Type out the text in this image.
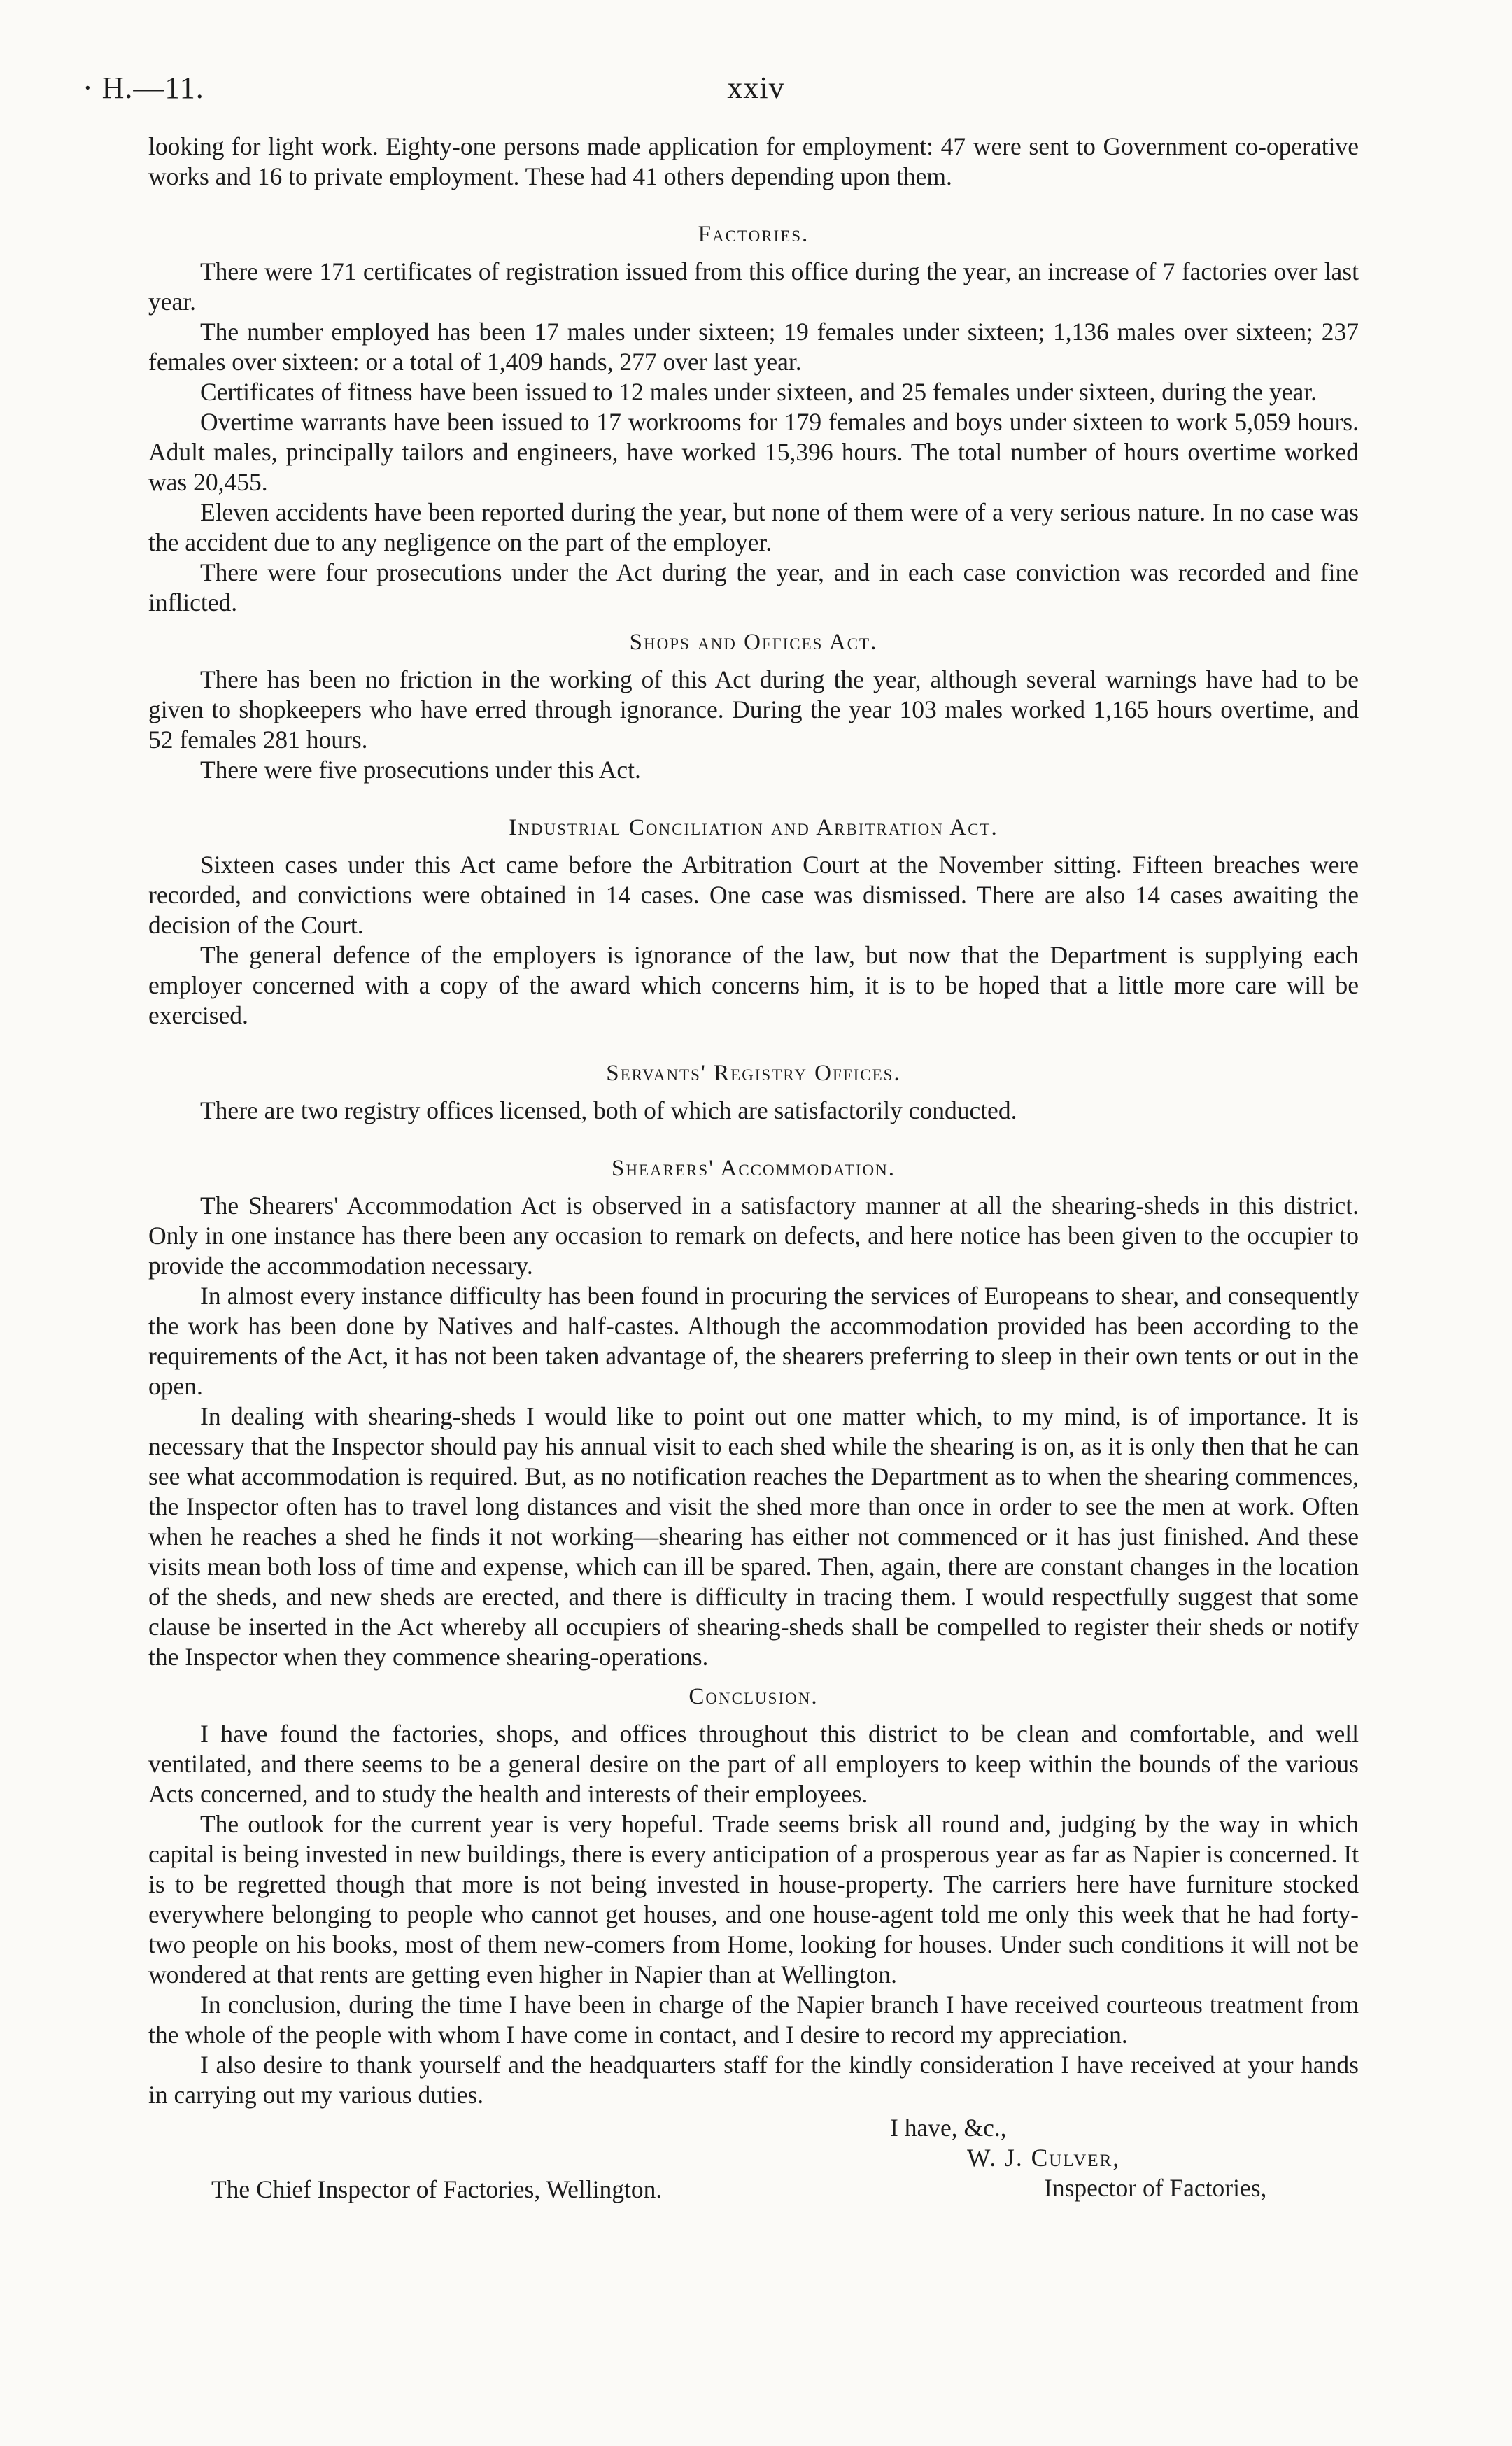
· H.—11.	xxiv

looking for light work. Eighty-one persons made application for employment: 47 were sent to Government co-operative works and 16 to private employment. These had 41 others depending upon them.

Factories.

There were 171 certificates of registration issued from this office during the year, an increase of 7 factories over last year.

The number employed has been 17 males under sixteen; 19 females under sixteen; 1,136 males over sixteen; 237 females over sixteen: or a total of 1,409 hands, 277 over last year.

Certificates of fitness have been issued to 12 males under sixteen, and 25 females under sixteen, during the year.

Overtime warrants have been issued to 17 workrooms for 179 females and boys under sixteen to work 5,059 hours. Adult males, principally tailors and engineers, have worked 15,396 hours. The total number of hours overtime worked was 20,455.

Eleven accidents have been reported during the year, but none of them were of a very serious nature. In no case was the accident due to any negligence on the part of the employer.

There were four prosecutions under the Act during the year, and in each case conviction was recorded and fine inflicted.

Shops and Offices Act.

There has been no friction in the working of this Act during the year, although several warnings have had to be given to shopkeepers who have erred through ignorance. During the year 103 males worked 1,165 hours overtime, and 52 females 281 hours.

There were five prosecutions under this Act.

Industrial Conciliation and Arbitration Act.

Sixteen cases under this Act came before the Arbitration Court at the November sitting. Fifteen breaches were recorded, and convictions were obtained in 14 cases. One case was dismissed. There are also 14 cases awaiting the decision of the Court.

The general defence of the employers is ignorance of the law, but now that the Department is supplying each employer concerned with a copy of the award which concerns him, it is to be hoped that a little more care will be exercised.

Servants' Registry Offices.

There are two registry offices licensed, both of which are satisfactorily conducted.

Shearers' Accommodation.

The Shearers' Accommodation Act is observed in a satisfactory manner at all the shearing-sheds in this district. Only in one instance has there been any occasion to remark on defects, and here notice has been given to the occupier to provide the accommodation necessary.

In almost every instance difficulty has been found in procuring the services of Europeans to shear, and consequently the work has been done by Natives and half-castes. Although the accommodation provided has been according to the requirements of the Act, it has not been taken advantage of, the shearers preferring to sleep in their own tents or out in the open.

In dealing with shearing-sheds I would like to point out one matter which, to my mind, is of importance. It is necessary that the Inspector should pay his annual visit to each shed while the shearing is on, as it is only then that he can see what accommodation is required. But, as no notification reaches the Department as to when the shearing commences, the Inspector often has to travel long distances and visit the shed more than once in order to see the men at work. Often when he reaches a shed he finds it not working—shearing has either not commenced or it has just finished. And these visits mean both loss of time and expense, which can ill be spared. Then, again, there are constant changes in the location of the sheds, and new sheds are erected, and there is difficulty in tracing them. I would respectfully suggest that some clause be inserted in the Act whereby all occupiers of shearing-sheds shall be compelled to register their sheds or notify the Inspector when they commence shearing-operations.

Conclusion.

I have found the factories, shops, and offices throughout this district to be clean and comfortable, and well ventilated, and there seems to be a general desire on the part of all employers to keep within the bounds of the various Acts concerned, and to study the health and interests of their employees.

The outlook for the current year is very hopeful. Trade seems brisk all round and, judging by the way in which capital is being invested in new buildings, there is every anticipation of a prosperous year as far as Napier is concerned. It is to be regretted though that more is not being invested in house-property. The carriers here have furniture stocked everywhere belonging to people who cannot get houses, and one house-agent told me only this week that he had forty-two people on his books, most of them new-comers from Home, looking for houses. Under such conditions it will not be wondered at that rents are getting even higher in Napier than at Wellington.

In conclusion, during the time I have been in charge of the Napier branch I have received courteous treatment from the whole of the people with whom I have come in contact, and I desire to record my appreciation.

I also desire to thank yourself and the headquarters staff for the kindly consideration I have received at your hands in carrying out my various duties.

I have, &c.,
W. J. Culver,
Inspector of Factories,
The Chief Inspector of Factories, Wellington.
